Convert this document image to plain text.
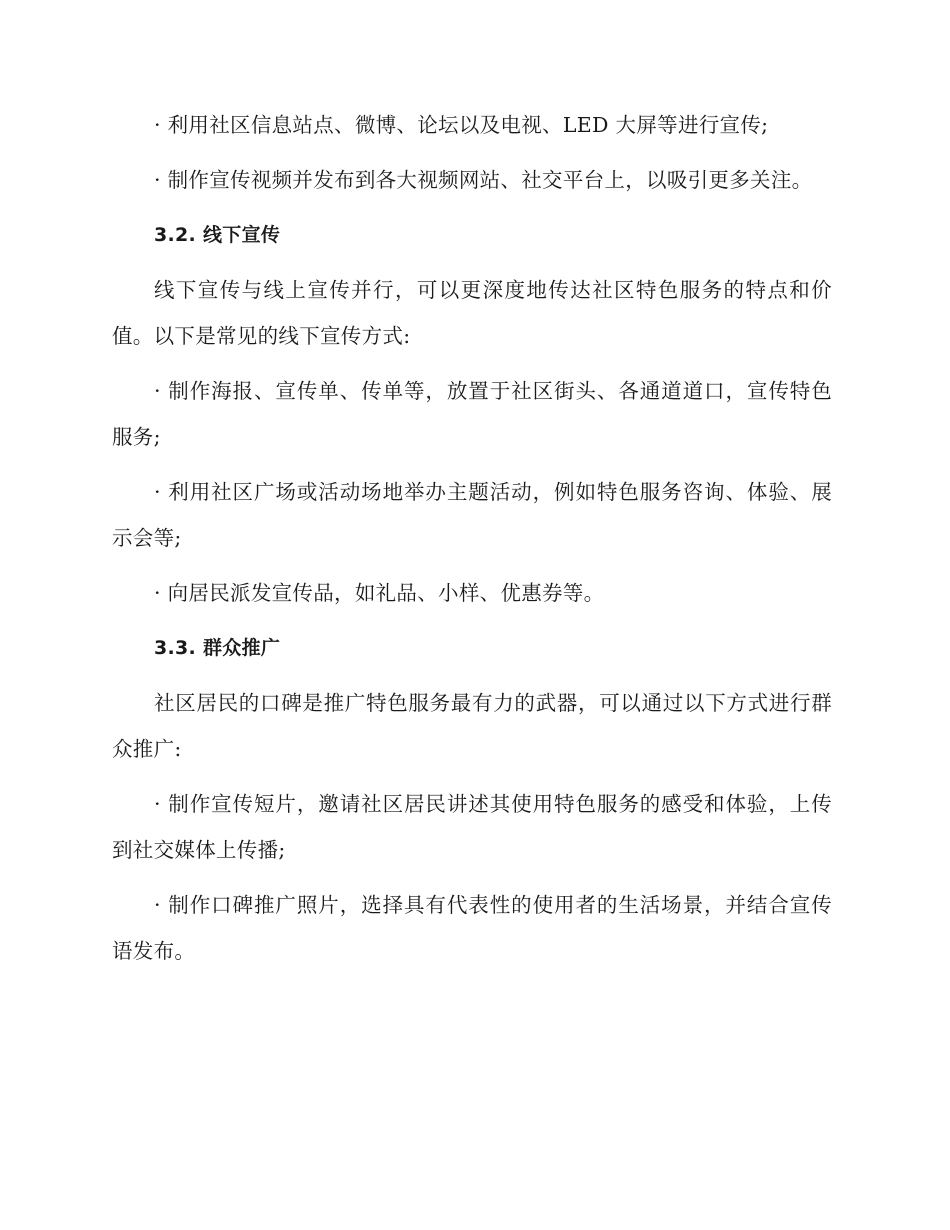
· 利用社区信息站点、微博、论坛以及电视、LED 大屏等进行宣传;

· 制作宣传视频并发布到各大视频网站、社交平台上，以吸引更多关注。

3.2. 线下宣传

线下宣传与线上宣传并行，可以更深度地传达社区特色服务的特点和价值。以下是常见的线下宣传方式:

· 制作海报、宣传单、传单等，放置于社区街头、各通道道口，宣传特色服务;

· 利用社区广场或活动场地举办主题活动，例如特色服务咨询、体验、展示会等;

· 向居民派发宣传品，如礼品、小样、优惠券等。

3.3. 群众推广

社区居民的口碑是推广特色服务最有力的武器，可以通过以下方式进行群众推广:

· 制作宣传短片，邀请社区居民讲述其使用特色服务的感受和体验，上传到社交媒体上传播;

· 制作口碑推广照片，选择具有代表性的使用者的生活场景，并结合宣传语发布。
